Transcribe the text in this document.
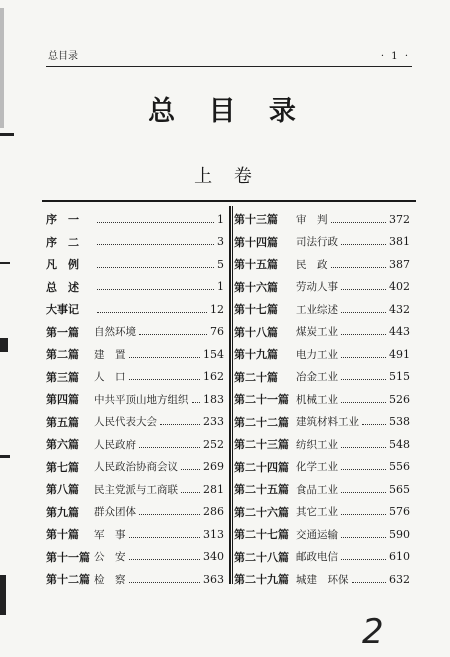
总目录	· 1 ·
总 目 录
上 卷
序　一	1
序　二	3
凡　例	5
总　述	1
大事记	12
第一篇	自然环境	76
第二篇	建　置	154
第三篇	人　口	162
第四篇	中共平顶山地方组织 183
第五篇	人民代表大会	233
第六篇	人民政府	252
第七篇	人民政治协商会议 269
第八篇	民主党派与工商联 281
第九篇	群众团体	286
第十篇	军　事	313
第十一篇 公　安	340
第十二篇 检　察	363
第十三篇	审　判	372
第十四篇	司法行政	381
第十五篇	民　政	387
第十六篇	劳动人事	402
第十七篇	工业综述	432
第十八篇	煤炭工业	443
第十九篇	电力工业	491
第二十篇	冶金工业	515
第二十一篇 机械工业	526
第二十二篇 建筑材料工业	538
第二十三篇 纺织工业	548
第二十四篇 化学工业	556
第二十五篇 食品工业	565
第二十六篇 其它工业	576
第二十七篇 交通运输	590
第二十八篇 邮政电信	610
第二十九篇 城建　环保	632
2
